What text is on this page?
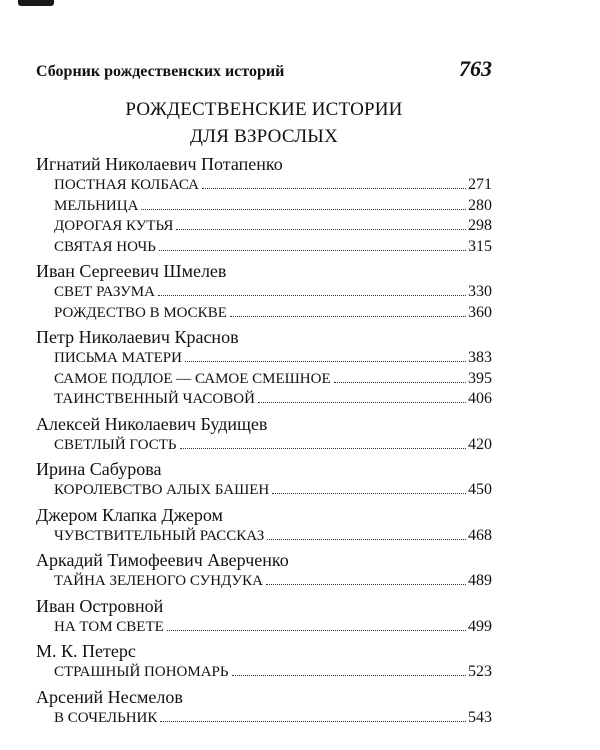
Сборник рождественских историй	763
РОЖДЕСТВЕНСКИЕ ИСТОРИИ
ДЛЯ ВЗРОСЛЫХ
Игнатий Николаевич Потапенко
ПОСТНАЯ КОЛБАСА	271
МЕЛЬНИЦА	280
ДОРОГАЯ КУТЬЯ	298
СВЯТАЯ НОЧЬ	315
Иван Сергеевич Шмелев
СВЕТ РАЗУМА	330
РОЖДЕСТВО В МОСКВЕ	360
Петр Николаевич Краснов
ПИСЬМА МАТЕРИ	383
САМОЕ ПОДЛОЕ — САМОЕ СМЕШНОЕ	395
ТАИНСТВЕННЫЙ ЧАСОВОЙ	406
Алексей Николаевич Будищев
СВЕТЛЫЙ ГОСТЬ	420
Ирина Сабурова
КОРОЛЕВСТВО АЛЫХ БАШЕН	450
Джером Клапка Джером
ЧУВСТВИТЕЛЬНЫЙ РАССКАЗ	468
Аркадий Тимофеевич Аверченко
ТАЙНА ЗЕЛЕНОГО СУНДУКА	489
Иван Островной
НА ТОМ СВЕТЕ	499
М. К. Петерс
СТРАШНЫЙ ПОНОМАРЬ	523
Арсений Несмелов
В СОЧЕЛЬНИК	543
